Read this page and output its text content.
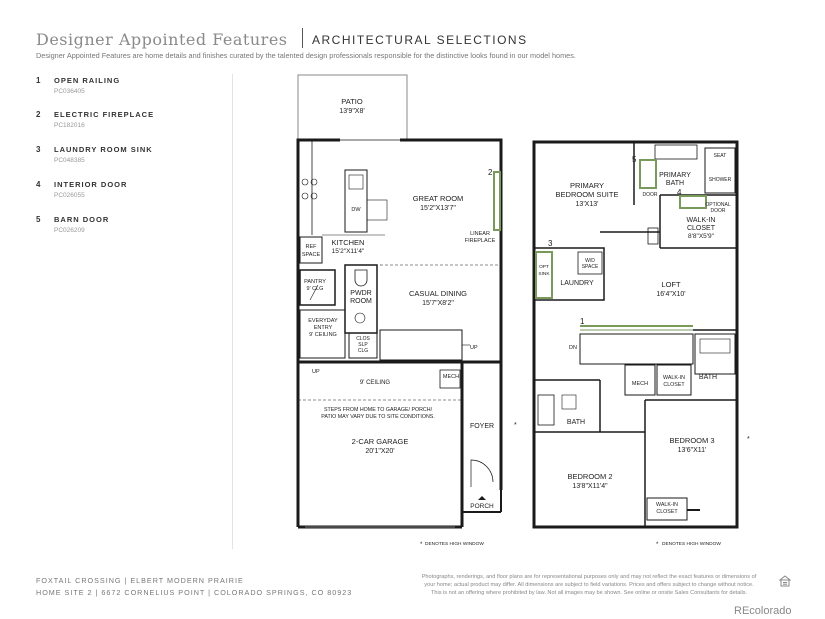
Designer Appointed Features ARCHITECTURAL SELECTIONS
Designer Appointed Features are home details and finishes curated by the talented design professionals responsible for the distinctive looks found in our model homes.
1 OPEN RAILING
PC036405
2 ELECTRIC FIREPLACE
PC182016
3 LAUNDRY ROOM SINK
PC048385
4 INTERIOR DOOR
PC026055
5 BARN DOOR
PC026209
PATIO
13'9"X8'
GREAT ROOM
15'2"X13'7"
LINEAR
FIREPLACE
KITCHEN
15'2"X11'4"
DW
REF
SPACE
PANTRY
9' CLG
PWDR
ROOM
CASUAL DINING
15'7"X8'2"
EVERYDAY
ENTRY
9' CEILING
CLOS
SLP
CLG	UP
UP
9' CEILING
MECH
STEPS FROM HOME TO GARAGE/ PORCH/
PATIO MAY VARY DUE TO SITE CONDITIONS.
2-CAR GARAGE
20'1"X20'
FOYER
PORCH
DENOTES HIGH WINDOW
PRIMARY
BEDROOM SUITE
13'X13'
PRIMARY
BATH
SEAT
SHOWER
DOOR
OPTIONAL
DOOR
WALK-IN
CLOSET
8'8"X5'9"
W/D
SPACE
OPT
SINK
LAUNDRY	LOFT
16'4"X10'
DN
MECH
WALK-IN
CLOSET
BATH
BATH
BEDROOM 3
13'6"X11'
BEDROOM 2
13'8"X11'4"
WALK-IN
CLOSET
DENOTES HIGH WINDOW
*
*
*	*
1
2
3
4
5
FOXTAIL CROSSING | ELBERT MODERN PRAIRIE
HOME SITE 2 | 6672 CORNELIUS POINT | COLORADO SPRINGS, CO 80923
Photographs, renderings, and floor plans are for representational purposes only and may not reflect the exact features or dimensions of
your home; actual product may differ. All dimensions are subject to field variations. Prices and offers subject to change without notice.
This is not an offering where prohibited by law. Not all images may be shown. See online or onsite Sales Consultants for details.
REcolorado
